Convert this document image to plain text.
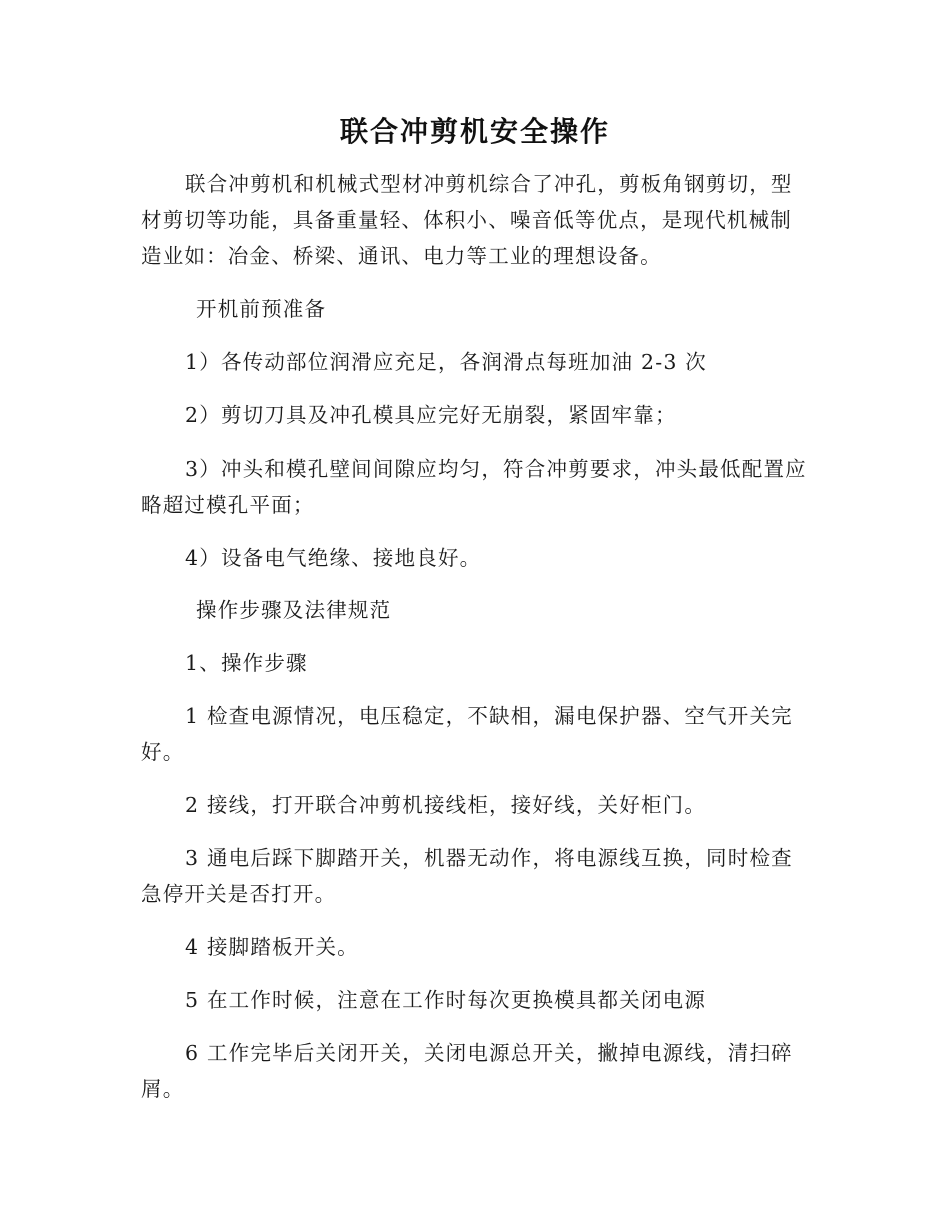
联合冲剪机安全操作

联合冲剪机和机械式型材冲剪机综合了冲孔，剪板角钢剪切，型材剪切等功能，具备重量轻、体积小、噪音低等优点，是现代机械制造业如：冶金、桥梁、通讯、电力等工业的理想设备。

开机前预准备

1）各传动部位润滑应充足，各润滑点每班加油 2-3 次

2）剪切刀具及冲孔模具应完好无崩裂，紧固牢靠；

3）冲头和模孔壁间间隙应均匀，符合冲剪要求，冲头最低配置应略超过模孔平面；

4）设备电气绝缘、接地良好。

操作步骤及法律规范

1、操作步骤

1 检查电源情况，电压稳定，不缺相，漏电保护器、空气开关完好。

2 接线，打开联合冲剪机接线柜，接好线，关好柜门。

3 通电后踩下脚踏开关，机器无动作，将电源线互换，同时检查急停开关是否打开。

4 接脚踏板开关。

5 在工作时候，注意在工作时每次更换模具都关闭电源

6 工作完毕后关闭开关，关闭电源总开关，撇掉电源线，清扫碎屑。
